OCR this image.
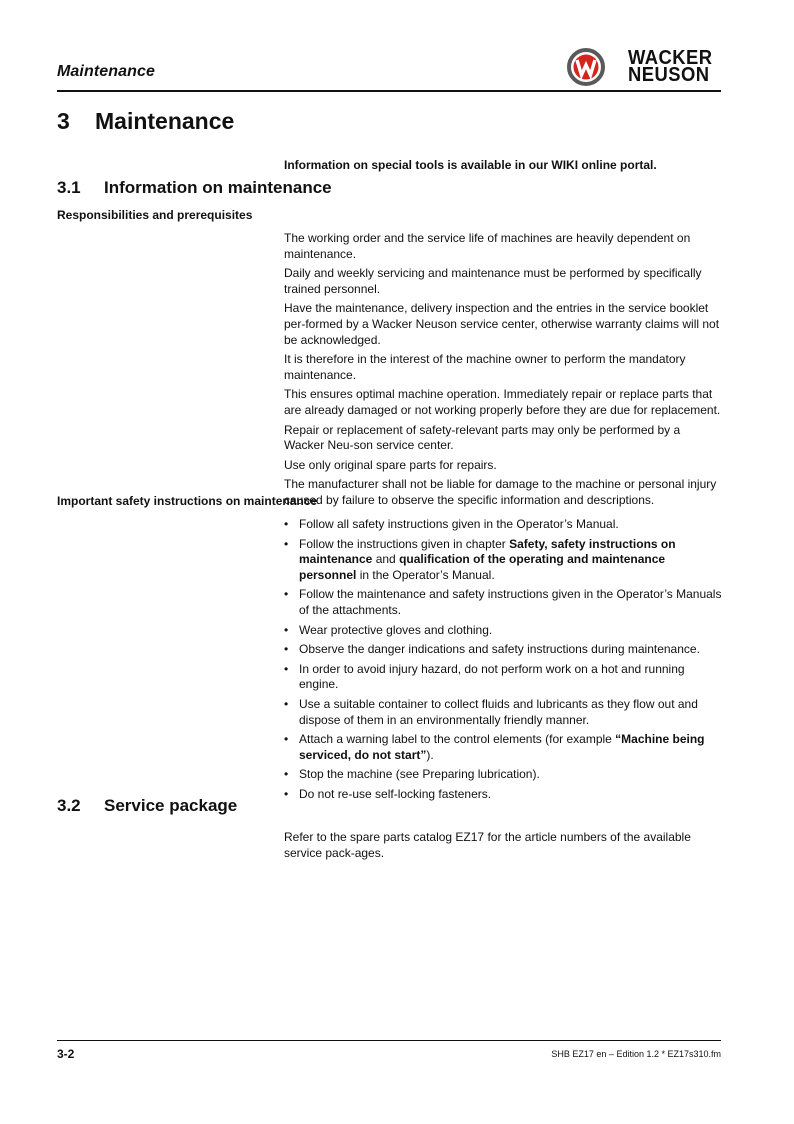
Maintenance
WACKER
NEUSON
3 Maintenance
Information on special tools is available in our WIKI online portal.
3.1 Information on maintenance
Responsibilities and prerequisites

The working order and the service life of machines are heavily dependent on maintenance.

Daily and weekly servicing and maintenance must be performed by specifically trained personnel.

Have the maintenance, delivery inspection and the entries in the service booklet per-formed by a Wacker Neuson service center, otherwise warranty claims will not be acknowledged.

It is therefore in the interest of the machine owner to perform the mandatory maintenance.

This ensures optimal machine operation. Immediately repair or replace parts that are already damaged or not working properly before they are due for replacement.

Repair or replacement of safety-relevant parts may only be performed by a Wacker Neu-son service center.

Use only original spare parts for repairs.

The manufacturer shall not be liable for damage to the machine or personal injury caused by failure to observe the specific information and descriptions.

Important safety instructions on maintenance
• Follow all safety instructions given in the Operator’s Manual.
• Follow the instructions given in chapter Safety, safety instructions on maintenance and qualification of the operating and maintenance personnel in the Operator’s Manual.
• Follow the maintenance and safety instructions given in the Operator’s Manuals of the attachments.
• Wear protective gloves and clothing.
• Observe the danger indications and safety instructions during maintenance.
• In order to avoid injury hazard, do not perform work on a hot and running engine.
• Use a suitable container to collect fluids and lubricants as they flow out and dispose of them in an environmentally friendly manner.
• Attach a warning label to the control elements (for example “Machine being serviced, do not start”).
• Stop the machine (see Preparing lubrication).
• Do not re-use self-locking fasteners.
3.2 Service package

Refer to the spare parts catalog EZ17 for the article numbers of the available service pack-ages.

3-2	SHB EZ17 en – Edition 1.2 * EZ17s310.fm
